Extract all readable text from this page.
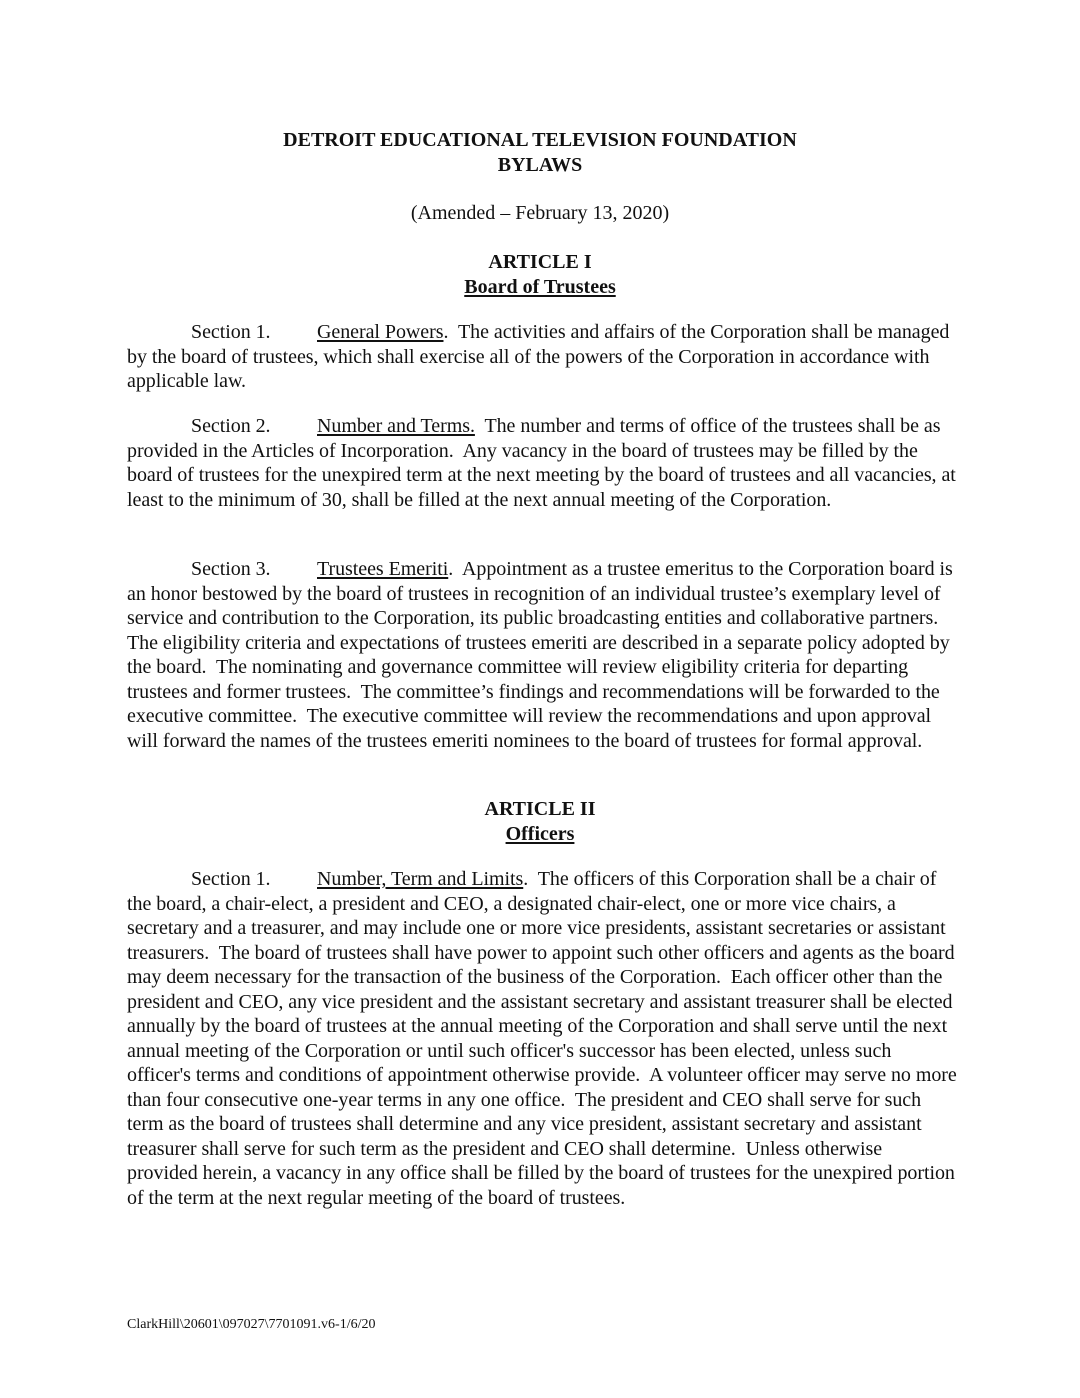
DETROIT EDUCATIONAL TELEVISION FOUNDATION
BYLAWS
(Amended – February 13, 2020)
ARTICLE I
Board of Trustees
Section 1. General Powers.  The activities and affairs of the Corporation shall be managed by the board of trustees, which shall exercise all of the powers of the Corporation in accordance with applicable law.
Section 2. Number and Terms.  The number and terms of office of the trustees shall be as provided in the Articles of Incorporation.  Any vacancy in the board of trustees may be filled by the board of trustees for the unexpired term at the next meeting by the board of trustees and all vacancies, at least to the minimum of 30, shall be filled at the next annual meeting of the Corporation.
Section 3. Trustees Emeriti.  Appointment as a trustee emeritus to the Corporation board is an honor bestowed by the board of trustees in recognition of an individual trustee’s exemplary level of service and contribution to the Corporation, its public broadcasting entities and collaborative partners.  The eligibility criteria and expectations of trustees emeriti are described in a separate policy adopted by the board.  The nominating and governance committee will review eligibility criteria for departing trustees and former trustees.  The committee’s findings and recommendations will be forwarded to the executive committee.  The executive committee will review the recommendations and upon approval will forward the names of the trustees emeriti nominees to the board of trustees for formal approval.
ARTICLE II
Officers
Section 1. Number, Term and Limits.  The officers of this Corporation shall be a chair of the board, a chair-elect, a president and CEO, a designated chair-elect, one or more vice chairs, a secretary and a treasurer, and may include one or more vice presidents, assistant secretaries or assistant treasurers.  The board of trustees shall have power to appoint such other officers and agents as the board may deem necessary for the transaction of the business of the Corporation.  Each officer other than the president and CEO, any vice president and the assistant secretary and assistant treasurer shall be elected annually by the board of trustees at the annual meeting of the Corporation and shall serve until the next annual meeting of the Corporation or until such officer's successor has been elected, unless such officer's terms and conditions of appointment otherwise provide.  A volunteer officer may serve no more than four consecutive one-year terms in any one office.  The president and CEO shall serve for such term as the board of trustees shall determine and any vice president, assistant secretary and assistant treasurer shall serve for such term as the president and CEO shall determine.  Unless otherwise provided herein, a vacancy in any office shall be filled by the board of trustees for the unexpired portion of the term at the next regular meeting of the board of trustees.
ClarkHill\20601\097027\7701091.v6-1/6/20
